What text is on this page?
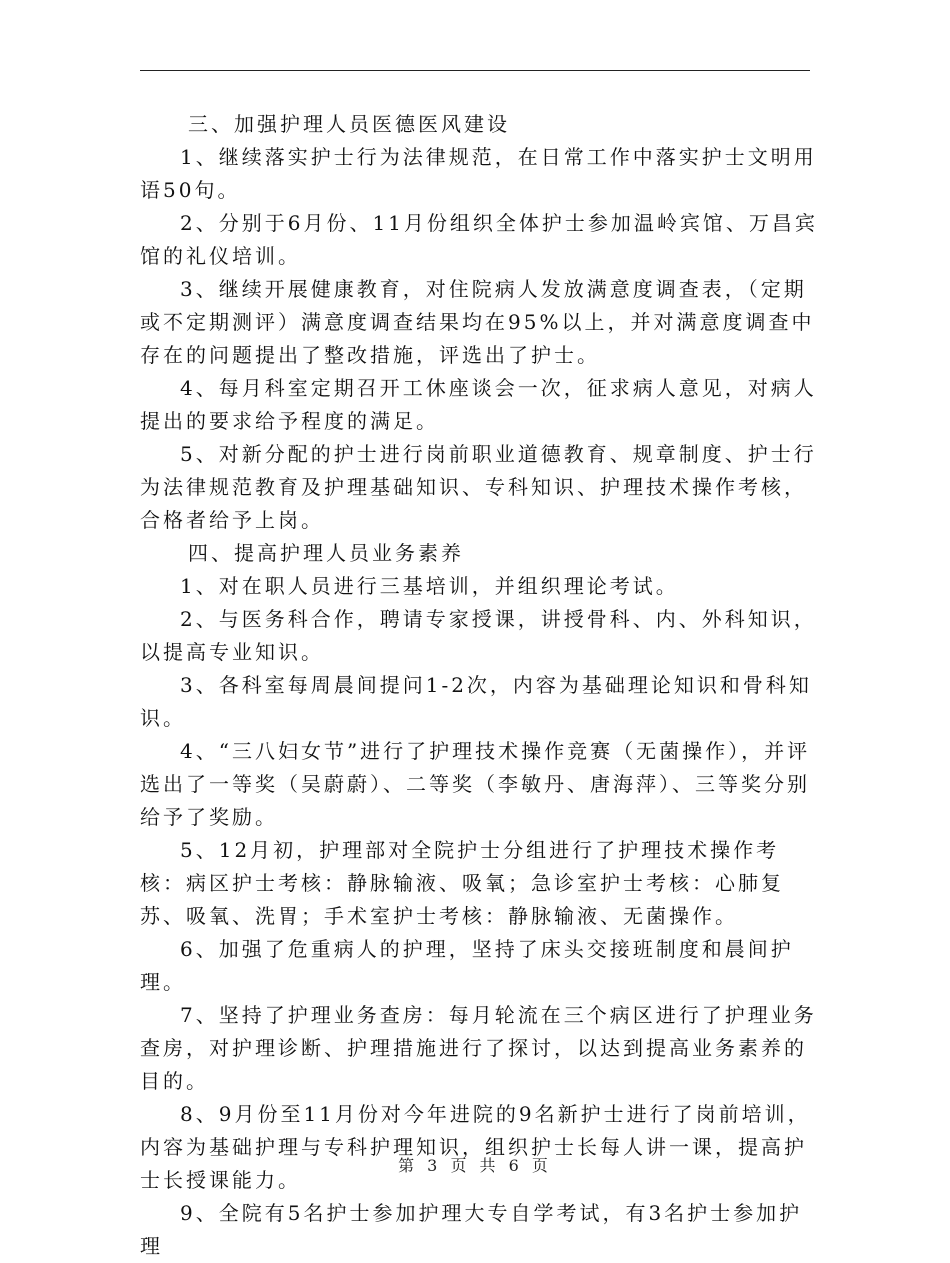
三、加强护理人员医德医风建设

1、继续落实护士行为法律规范，在日常工作中落实护士文明用语50句。

2、分别于6月份、11月份组织全体护士参加温岭宾馆、万昌宾馆的礼仪培训。

3、继续开展健康教育，对住院病人发放满意度调查表，（定期或不定期测评）满意度调查结果均在95%以上，并对满意度调查中存在的问题提出了整改措施，评选出了护士。

4、每月科室定期召开工休座谈会一次，征求病人意见，对病人提出的要求给予程度的满足。

5、对新分配的护士进行岗前职业道德教育、规章制度、护士行为法律规范教育及护理基础知识、专科知识、护理技术操作考核，合格者给予上岗。

四、提高护理人员业务素养

1、对在职人员进行三基培训，并组织理论考试。

2、与医务科合作，聘请专家授课，讲授骨科、内、外科知识，以提高专业知识。

3、各科室每周晨间提问1-2次，内容为基础理论知识和骨科知识。

4、“三八妇女节”进行了护理技术操作竞赛（无菌操作），并评选出了一等奖（吴蔚蔚）、二等奖（李敏丹、唐海萍）、三等奖分别给予了奖励。

5、12月初，护理部对全院护士分组进行了护理技术操作考核：病区护士考核：静脉输液、吸氧；急诊室护士考核：心肺复苏、吸氧、洗胃；手术室护士考核：静脉输液、无菌操作。

6、加强了危重病人的护理，坚持了床头交接班制度和晨间护理。

7、坚持了护理业务查房：每月轮流在三个病区进行了护理业务查房，对护理诊断、护理措施进行了探讨，以达到提高业务素养的目的。

8、9月份至11月份对今年进院的9名新护士进行了岗前培训，内容为基础护理与专科护理知识，组织护士长每人讲一课，提高护士长授课能力。

9、全院有5名护士参加护理大专自学考试，有3名护士参加护理

第 3 页 共 6 页
